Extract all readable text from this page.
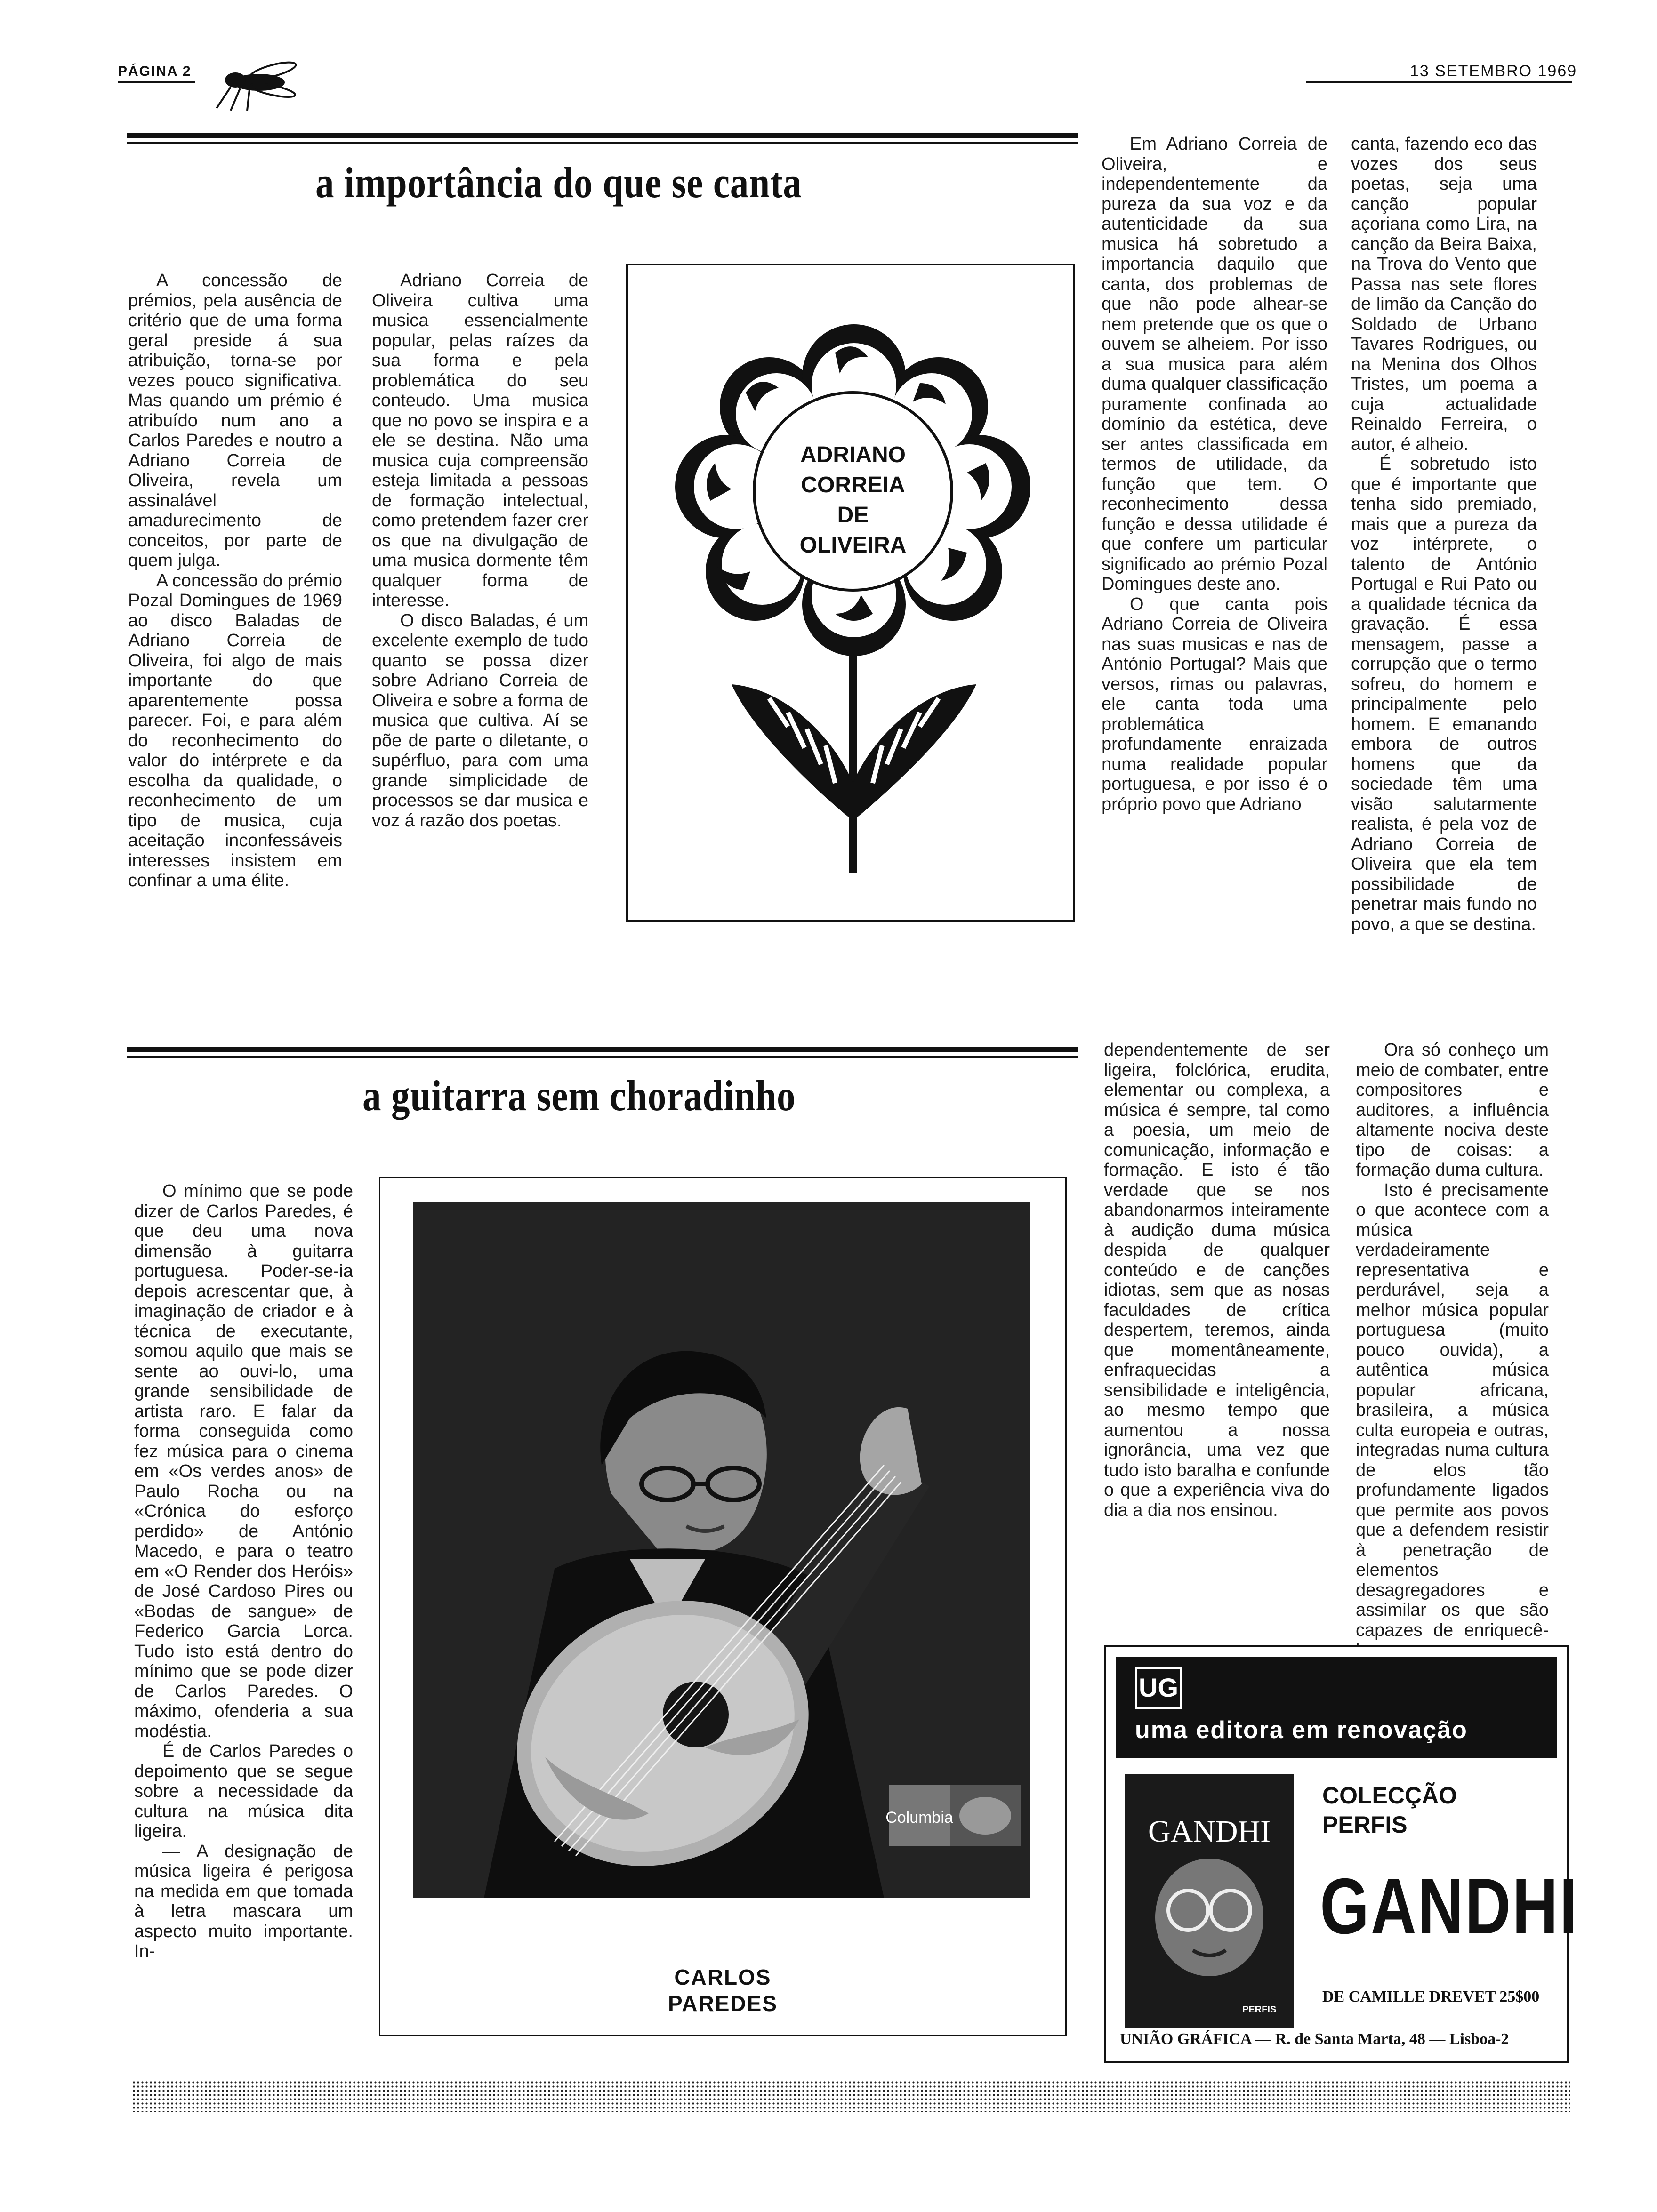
PÁGINA 2	13 SETEMBRO 1969
a importância do que se canta

A concessão de prémios, pela ausência de critério que de uma forma geral preside á sua atribuição, torna-se por vezes pouco significativa. Mas quando um prémio é atribuído num ano a Carlos Paredes e noutro a Adriano Correia de Oliveira, revela um assinalável amadurecimento de conceitos, por parte de quem julga.

A concessão do prémio Pozal Domingues de 1969 ao disco Baladas de Adriano Correia de Oliveira, foi algo de mais importante do que aparentemente possa parecer. Foi, e para além do reconhecimento do valor do intérprete e da escolha da qualidade, o reconhecimento de um tipo de musica, cuja aceitação inconfessáveis interesses insistem em confinar a uma élite.

Adriano Correia de Oliveira cultiva uma musica essencialmente popular, pelas raízes da sua forma e pela problemática do seu conteudo. Uma musica que no povo se inspira e a ele se destina. Não uma musica cuja compreensão esteja limitada a pessoas de formação intelectual, como pretendem fazer crer os que na divulgação de uma musica dormente têm qualquer forma de interesse.

O disco Baladas, é um excelente exemplo de tudo quanto se possa dizer sobre Adriano Correia de Oliveira e sobre a forma de musica que cultiva. Aí se põe de parte o diletante, o supérfluo, para com uma grande simplicidade de processos se dar musica e voz á razão dos poetas.

ADRIANO
CORREIA
DE
OLIVEIRA

Em Adriano Correia de Oliveira, e independentemente da pureza da sua voz e da autenticidade da sua musica há sobretudo a importancia daquilo que canta, dos problemas de que não pode alhear-se nem pretende que os que o ouvem se alheiem. Por isso a sua musica para além duma qualquer classificação puramente confinada ao domínio da estética, deve ser antes classificada em termos de utilidade, da função que tem. O reconhecimento dessa função e dessa utilidade é que confere um particular significado ao prémio Pozal Domingues deste ano.

O que canta pois Adriano Correia de Oliveira nas suas musicas e nas de António Portugal? Mais que versos, rimas ou palavras, ele canta toda uma problemática profundamente enraizada numa realidade popular portuguesa, e por isso é o próprio povo que Adriano

canta, fazendo eco das vozes dos seus poetas, seja uma canção popular açoriana como Lira, na canção da Beira Baixa, na Trova do Vento que Passa nas sete flores de limão da Canção do Soldado de Urbano Tavares Rodrigues, ou na Menina dos Olhos Tristes, um poema a cuja actualidade Reinaldo Ferreira, o autor, é alheio.

É sobretudo isto que é importante que tenha sido premiado, mais que a pureza da voz intérprete, o talento de António Portugal e Rui Pato ou a qualidade técnica da gravação. É essa mensagem, passe a corrupção que o termo sofreu, do homem e principalmente pelo homem. E emanando embora de outros homens que da sociedade têm uma visão salutarmente realista, é pela voz de Adriano Correia de Oliveira que ela tem possibilidade de penetrar mais fundo no povo, a que se destina.

a guitarra sem choradinho

O mínimo que se pode dizer de Carlos Paredes, é que deu uma nova dimensão à guitarra portuguesa. Poder-se-ia depois acrescentar que, à imaginação de criador e à técnica de executante, somou aquilo que mais se sente ao ouvi-lo, uma grande sensibilidade de artista raro. E falar da forma conseguida como fez música para o cinema em «Os verdes anos» de Paulo Rocha ou na «Crónica do esforço perdido» de António Macedo, e para o teatro em «O Render dos Heróis» de José Cardoso Pires ou «Bodas de sangue» de Federico Garcia Lorca. Tudo isto está dentro do mínimo que se pode dizer de Carlos Paredes. O máximo, ofenderia a sua modéstia.

É de Carlos Paredes o depoimento que se segue sobre a necessidade da cultura na música dita ligeira.

— A designação de música ligeira é perigosa na medida em que tomada à letra mascara um aspecto muito importante. In-

Columbia
CARLOS
PAREDES

dependentemente de ser ligeira, folclórica, erudita, elementar ou complexa, a música é sempre, tal como a poesia, um meio de comunicação, informação e formação. E isto é tão verdade que se nos abandonarmos inteiramente à audição duma música despida de qualquer conteúdo e de canções idiotas, sem que as nosas faculdades de crítica despertem, teremos, ainda que momentâneamente, enfraquecidas a sensibilidade e inteligência, ao mesmo tempo que aumentou a nossa ignorância, uma vez que tudo isto baralha e confunde o que a experiência viva do dia a dia nos ensinou.

Ora só conheço um meio de combater, entre compositores e auditores, a influência altamente nociva deste tipo de coisas: a formação duma cultura.

Isto é precisamente o que acontece com a música verdadeiramente representativa e perdurável, seja a melhor música popular portuguesa (muito pouco ouvida), a autêntica música popular africana, brasileira, a música culta europeia e outras, integradas numa cultura de elos tão profundamente ligados que permite aos povos que a defendem resistir à penetração de elementos desagregadores e assimilar os que são capazes de enriquecê-

UG
uma editora em renovação
GANDHI
PERFIS
COLECÇÃO
PERFIS
GANDHI
DE CAMILLE DREVET 25$00
UNIÃO GRÁFICA — R. de Santa Marta, 48 — Lisboa-2
